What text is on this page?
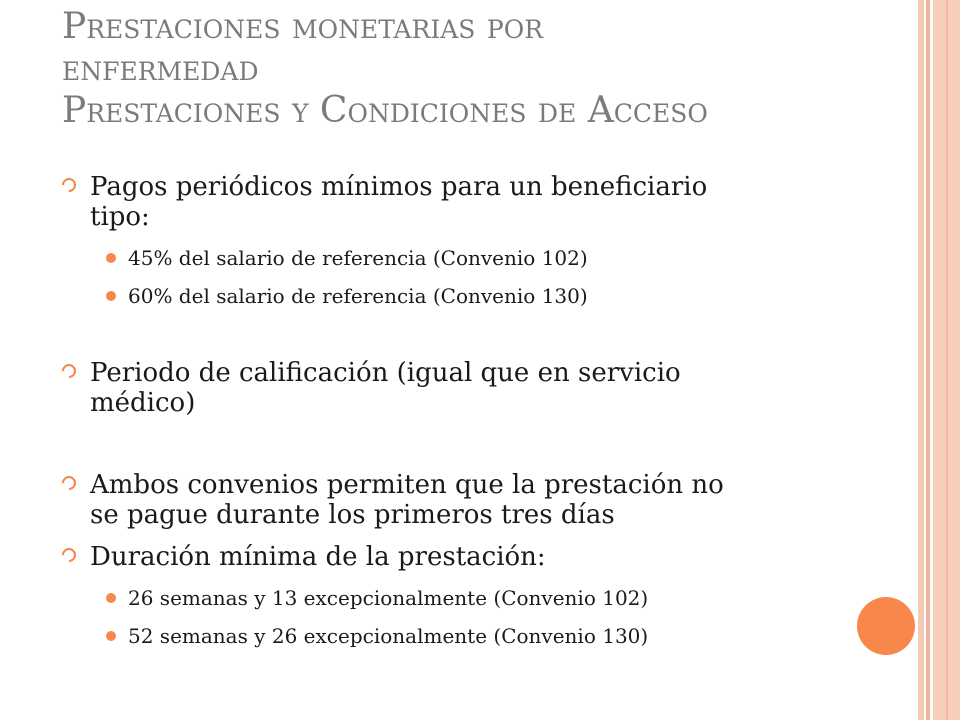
Prestaciones monetarias por
enfermedad
Prestaciones y Condiciones de Acceso
Pagos periódicos mínimos para un beneficiario
tipo:
45% del salario de referencia (Convenio 102)
60% del salario de referencia (Convenio 130)
Periodo de calificación (igual que en servicio
médico)
Ambos convenios permiten que la prestación no
se pague durante los primeros tres días
Duración mínima de la prestación:
26 semanas y 13 excepcionalmente (Convenio 102)
52 semanas y 26 excepcionalmente (Convenio 130)
